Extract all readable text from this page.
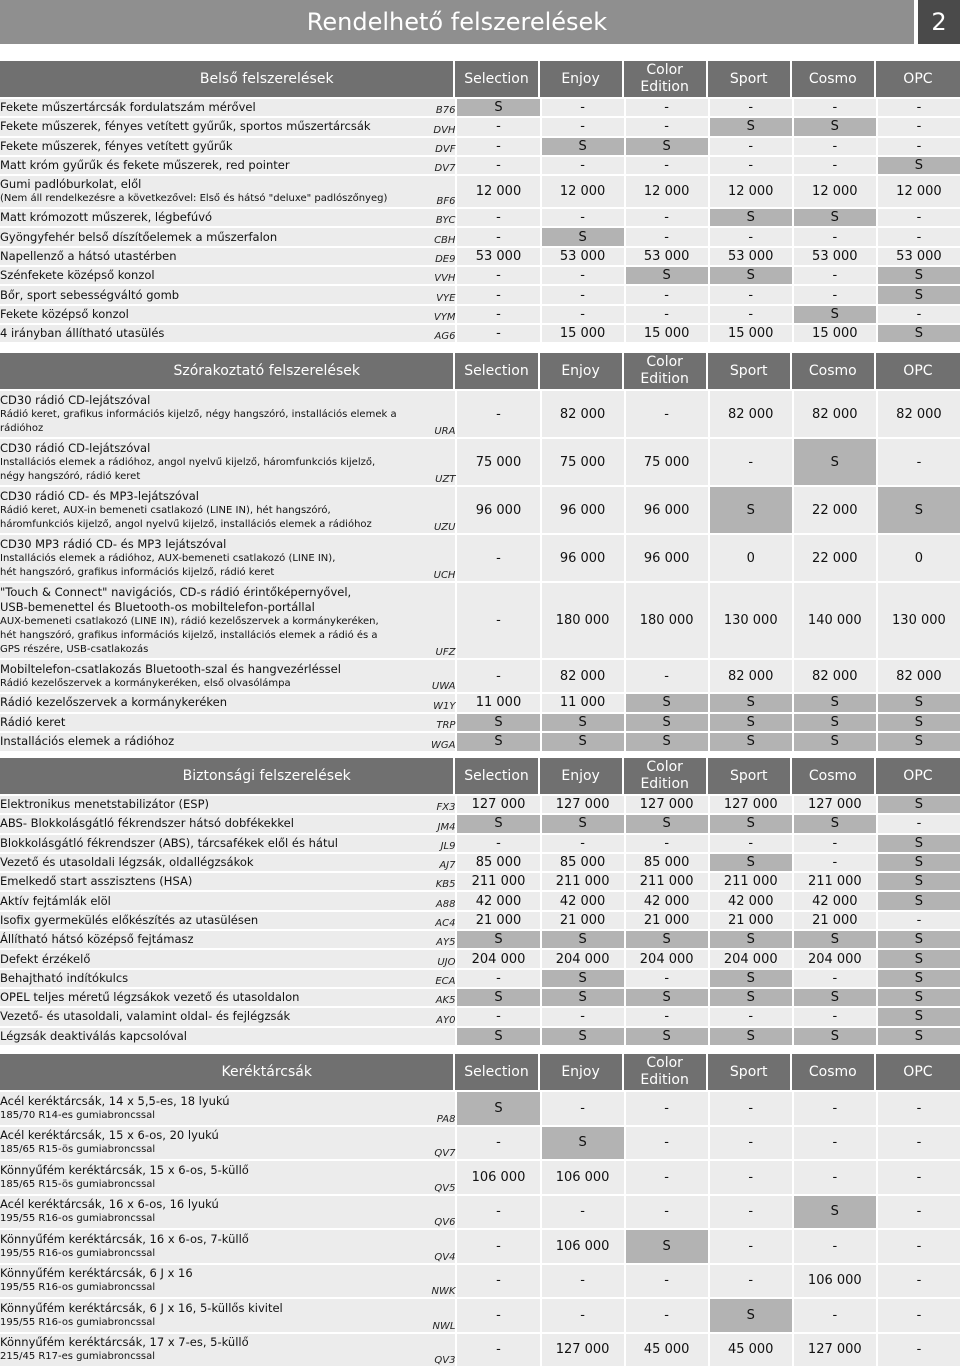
Rendelhető felszerelések	2
Belső felszerelések		Selection	Enjoy	Color Edition	Sport	Cosmo	OPC

Fekete műszertárcsák fordulatszám mérővel	B76	S	-	-	-	-	-

Fekete műszerek, fényes vetített gyűrűk, sportos műszertárcsák	DVH	-	-	-	S	S	-

Fekete műszerek, fényes vetített gyűrűk	DVF	-	S	S	-	-	-

Matt króm gyűrűk és fekete műszerek, red pointer	DV7	-	-	-	-	-	S

Gumi padlóburkolat, elől
(Nem áll rendelkezésre a következővel: Első és hátsó "deluxe" padlószőnyeg)	BF6	12 000	12 000	12 000	12 000	12 000	12 000

Matt krómozott műszerek, légbefúvó	BYC	-	-	-	S	S	-

Gyöngyfehér belső díszítőelemek a műszerfalon	CBH	-	S	-	-	-	-

Napellenző a hátsó utastérben	DE9	53 000	53 000	53 000	53 000	53 000	53 000

Szénfekete középső konzol	VVH	-	-	S	S	-	S

Bőr, sport sebességváltó gomb	VYE	-	-	-	-	-	S

Fekete középső konzol	VYM	-	-	-	-	S	-

4 irányban állítható utasülés	AG6	-	15 000	15 000	15 000	15 000	S
Szórakoztató felszerelések		Selection	Enjoy	Color Edition	Sport	Cosmo	OPC

CD30 rádió CD-lejátszóval
Rádió keret, grafikus információs kijelző, négy hangszóró, installációs elemek a
rádióhoz	URA	-	82 000	-	82 000	82 000	82 000

CD30 rádió CD-lejátszóval
Installációs elemek a rádióhoz, angol nyelvű kijelző, háromfunkciós kijelző,
négy hangszóró, rádió keret	UZT	75 000	75 000	75 000	-	S	-

CD30 rádió CD- és MP3-lejátszóval
Rádió keret, AUX-in bemeneti csatlakozó (LINE IN), hét hangszóró,
háromfunkciós kijelző, angol nyelvű kijelző, installációs elemek a rádióhoz	UZU	96 000	96 000	96 000	S	22 000	S

CD30 MP3 rádió CD- és MP3 lejátszóval
Installációs elemek a rádióhoz, AUX-bemeneti csatlakozó (LINE IN),
hét hangszóró, grafikus információs kijelző, rádió keret	UCH	-	96 000	96 000	0	22 000	0

"Touch & Connect" navigációs, CD-s rádió érintőképernyővel,
USB-bemenettel és Bluetooth-os mobiltelefon-portállal
AUX-bemeneti csatlakozó (LINE IN), rádió kezelőszervek a kormánykeréken,
hét hangszóró, grafikus információs kijelző, installációs elemek a rádió és a
GPS részére, USB-csatlakozás	UFZ	-	180 000	180 000	130 000	140 000	130 000

Mobiltelefon-csatlakozás Bluetooth-szal és hangvezérléssel
Rádió kezelőszervek a kormánykeréken, első olvasólámpa	UWA	-	82 000	-	82 000	82 000	82 000

Rádió kezelőszervek a kormánykeréken	W1Y	11 000	11 000	S	S	S	S

Rádió keret	TRP	S	S	S	S	S	S

Installációs elemek a rádióhoz	WGA	S	S	S	S	S	S
Biztonsági felszerelések		Selection	Enjoy	Color Edition	Sport	Cosmo	OPC

Elektronikus menetstabilizátor (ESP)	FX3	127 000	127 000	127 000	127 000	127 000	S

ABS- Blokkolásgátló fékrendszer hátsó dobfékekkel	JM4	S	S	S	S	S	-

Blokkolásgátló fékrendszer (ABS), tárcsafékek elől és hátul	JL9	-	-	-	-	-	S

Vezető és utasoldali légzsák, oldallégzsákok	AJ7	85 000	85 000	85 000	S	-	S

Emelkedő start asszisztens (HSA)	KB5	211 000	211 000	211 000	211 000	211 000	S

Aktív fejtámlák elöl	A88	42 000	42 000	42 000	42 000	42 000	S

Isofix gyermekülés előkészítés az utasülésen	AC4	21 000	21 000	21 000	21 000	21 000	-

Állítható hátsó középső fejtámasz	AY5	S	S	S	S	S	S

Defekt érzékelő	UJO	204 000	204 000	204 000	204 000	204 000	S

Behajtható indítókulcs	ECA	-	S	-	S	-	S

OPEL teljes méretű légzsákok vezető és utasoldalon	AK5	S	S	S	S	S	S

Vezető- és utasoldali, valamint oldal- és fejlégzsák	AY0	-	-	-	-	-	S

Légzsák deaktiválás kapcsolóval		S	S	S	S	S	S
Keréktárcsák		Selection	Enjoy	Color Edition	Sport	Cosmo	OPC

Acél keréktárcsák, 14 x 5,5-es, 18 lyukú
185/70 R14-es gumiabroncssal	PA8	S	-	-	-	-	-

Acél keréktárcsák, 15 x 6-os, 20 lyukú
185/65 R15-ös gumiabroncssal	QV7	-	S	-	-	-	-

Könnyűfém keréktárcsák, 15 x 6-os, 5-küllő
185/65 R15-ös gumiabroncssal	QV5	106 000	106 000	-	-	-	-

Acél keréktárcsák, 16 x 6-os, 16 lyukú
195/55 R16-os gumiabroncssal	QV6	-	-	-	-	S	-

Könnyűfém keréktárcsák, 16 x 6-os, 7-küllő
195/55 R16-os gumiabroncssal	QV4	-	106 000	S	-	-	-

Könnyűfém keréktárcsák, 6 J x 16
195/55 R16-os gumiabroncssal	NWK	-	-	-	-	106 000	-

Könnyűfém keréktárcsák, 6 J x 16, 5-küllős kivitel
195/55 R16-os gumiabroncssal	NWL	-	-	-	S	-	-

Könnyűfém keréktárcsák, 17 x 7-es, 5-küllő
215/45 R17-es gumiabroncssal	QV3	-	127 000	45 000	45 000	127 000	-
